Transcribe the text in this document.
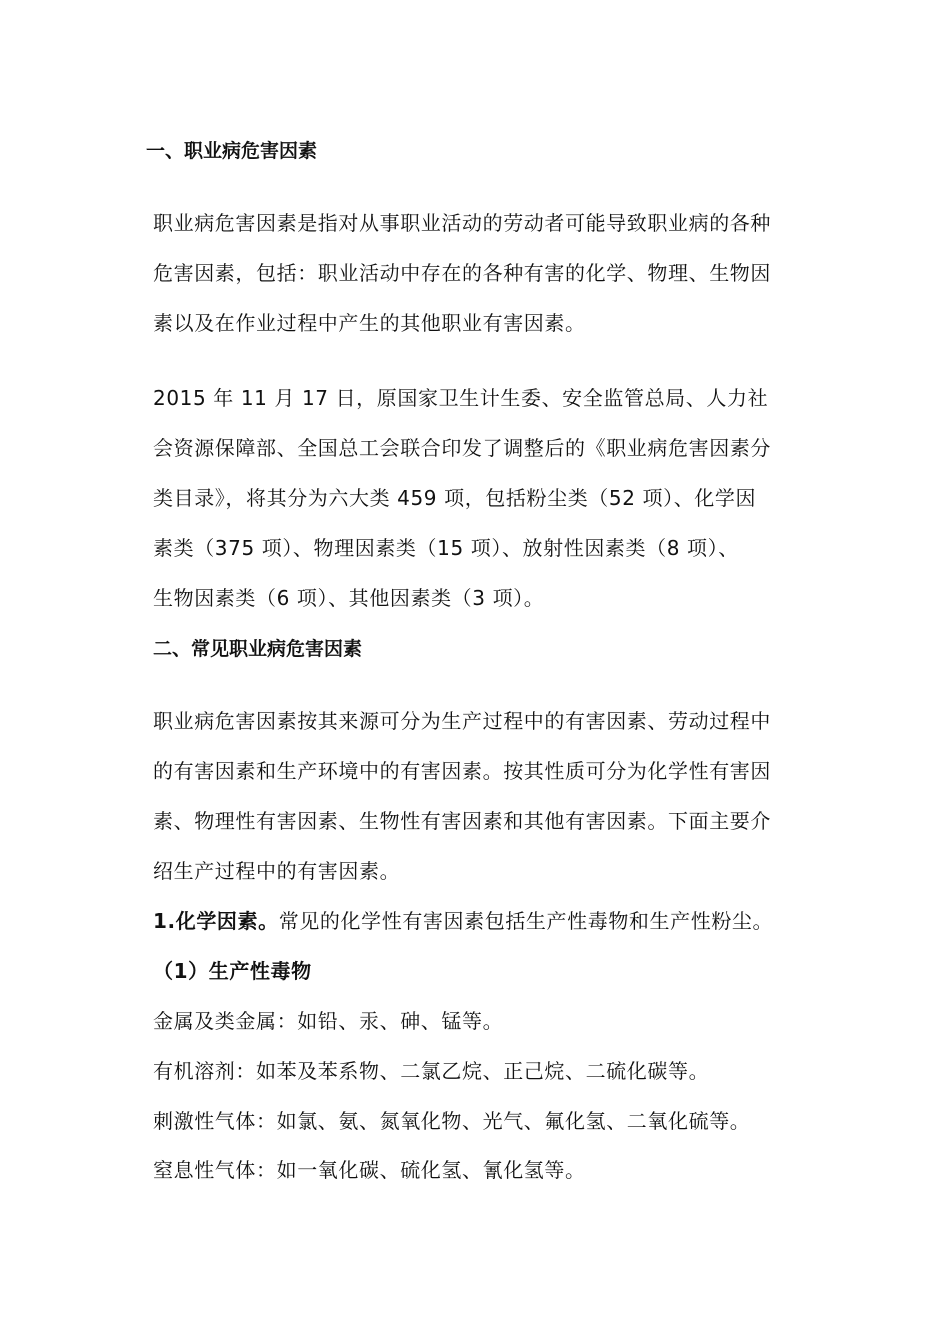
一、职业病危害因素

职业病危害因素是指对从事职业活动的劳动者可能导致职业病的各种
危害因素，包括：职业活动中存在的各种有害的化学、物理、生物因
素以及在作业过程中产生的其他职业有害因素。

2015 年 11 月 17 日，原国家卫生计生委、安全监管总局、人力社
会资源保障部、全国总工会联合印发了调整后的《职业病危害因素分
类目录》，将其分为六大类 459 项，包括粉尘类（52 项）、化学因
素类（375 项）、物理因素类（15 项）、放射性因素类（8 项）、
生物因素类（6 项）、其他因素类（3 项）。

二、常见职业病危害因素

职业病危害因素按其来源可分为生产过程中的有害因素、劳动过程中
的有害因素和生产环境中的有害因素。按其性质可分为化学性有害因
素、物理性有害因素、生物性有害因素和其他有害因素。下面主要介
绍生产过程中的有害因素。

1.化学因素。常见的化学性有害因素包括生产性毒物和生产性粉尘。
（1）生产性毒物
金属及类金属：如铅、汞、砷、锰等。
有机溶剂：如苯及苯系物、二氯乙烷、正己烷、二硫化碳等。
刺激性气体：如氯、氨、氮氧化物、光气、氟化氢、二氧化硫等。
窒息性气体：如一氧化碳、硫化氢、氰化氢等。
